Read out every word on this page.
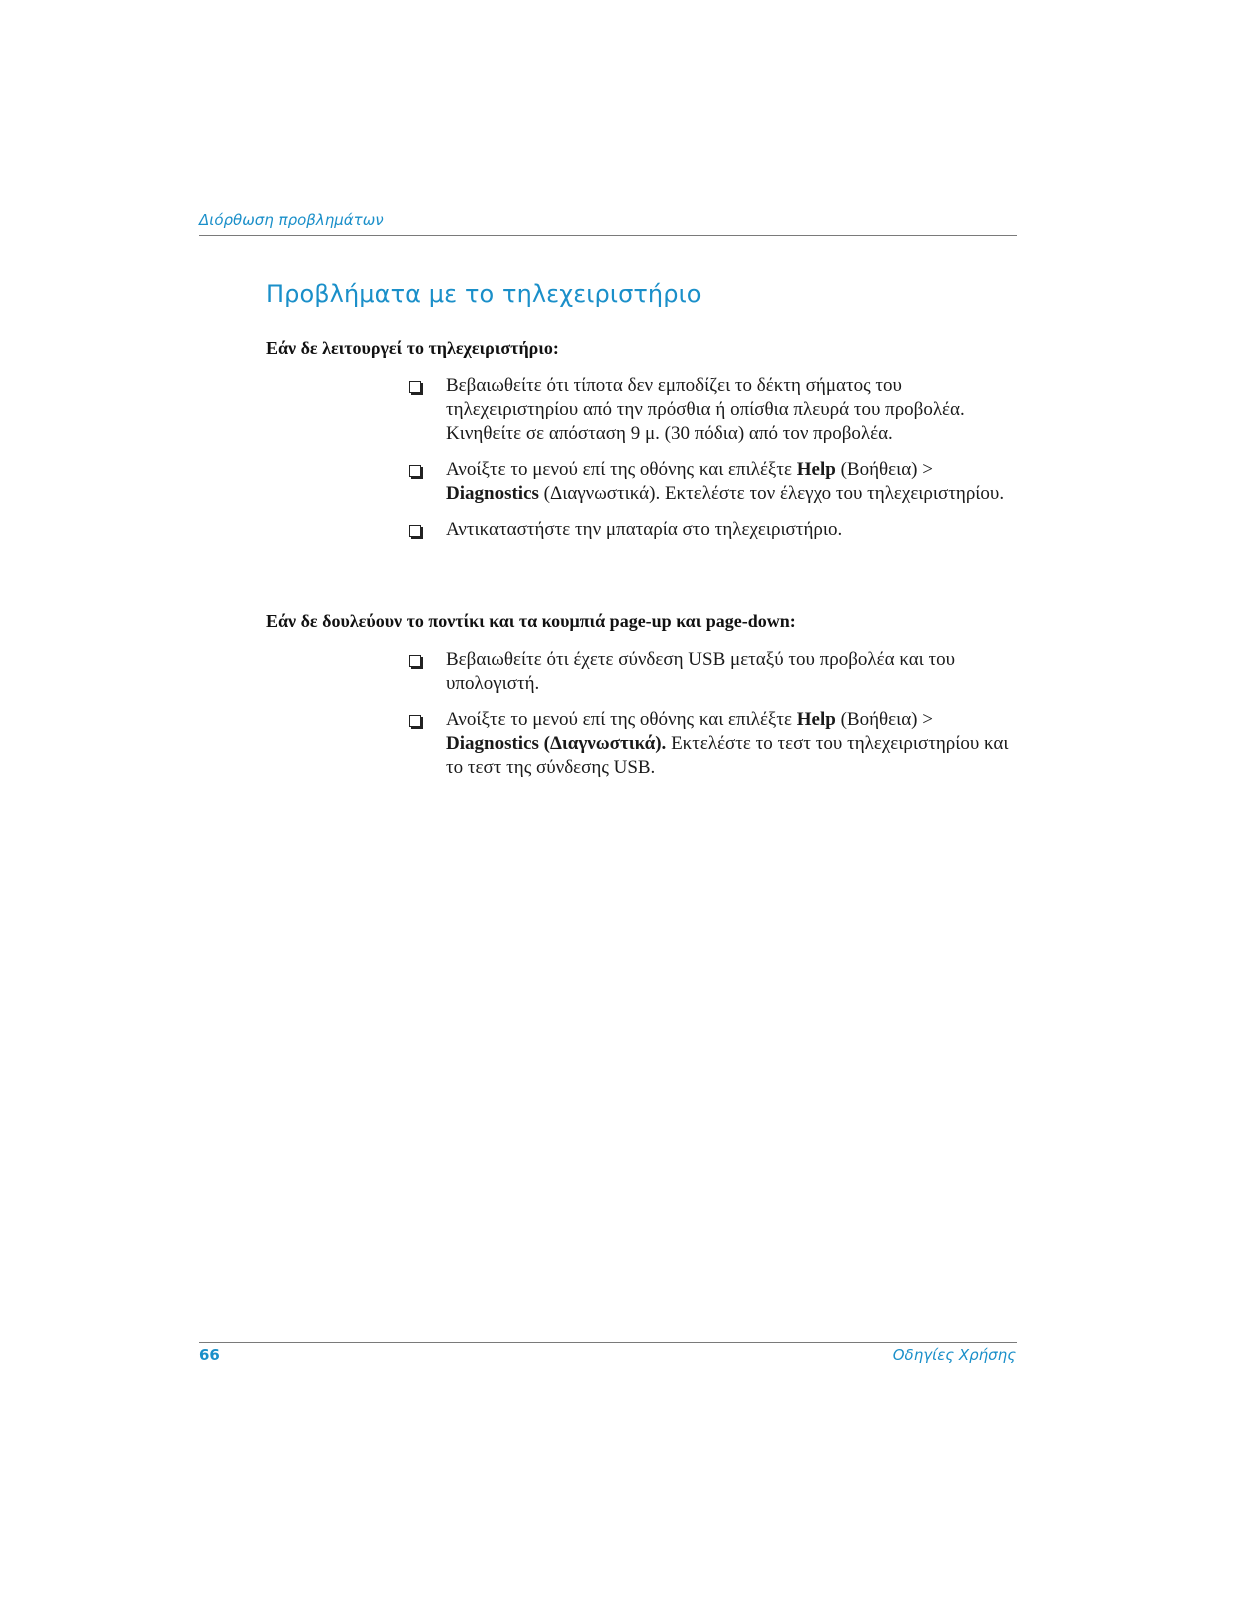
Διόρθωση προβλημάτων
Προβλήματα με το τηλεχειριστήριο
Εάν δε λειτουργεί το τηλεχειριστήριο:
Βεβαιωθείτε ότι τίποτα δεν εμποδίζει το δέκτη σήματος του τηλεχειριστηρίου από την πρόσθια ή οπίσθια πλευρά του προβολέα. Κινηθείτε σε απόσταση 9 μ. (30 πόδια) από τον προβολέα.
Ανοίξτε το μενού επί της οθόνης και επιλέξτε Help (Βοήθεια) > Diagnostics (Διαγνωστικά). Εκτελέστε τον έλεγχο του τηλεχειριστηρίου.
Αντικαταστήστε την μπαταρία στο τηλεχειριστήριο.
Εάν δε δουλεύουν το ποντίκι και τα κουμπιά page-up και page-down:
Βεβαιωθείτε ότι έχετε σύνδεση USB μεταξύ του προβολέα και του υπολογιστή.
Ανοίξτε το μενού επί της οθόνης και επιλέξτε Help (Βοήθεια) > Diagnostics (Διαγνωστικά). Εκτελέστε το τεστ του τηλεχειριστηρίου και το τεστ της σύνδεσης USB.
66	Οδηγίες Χρήσης
